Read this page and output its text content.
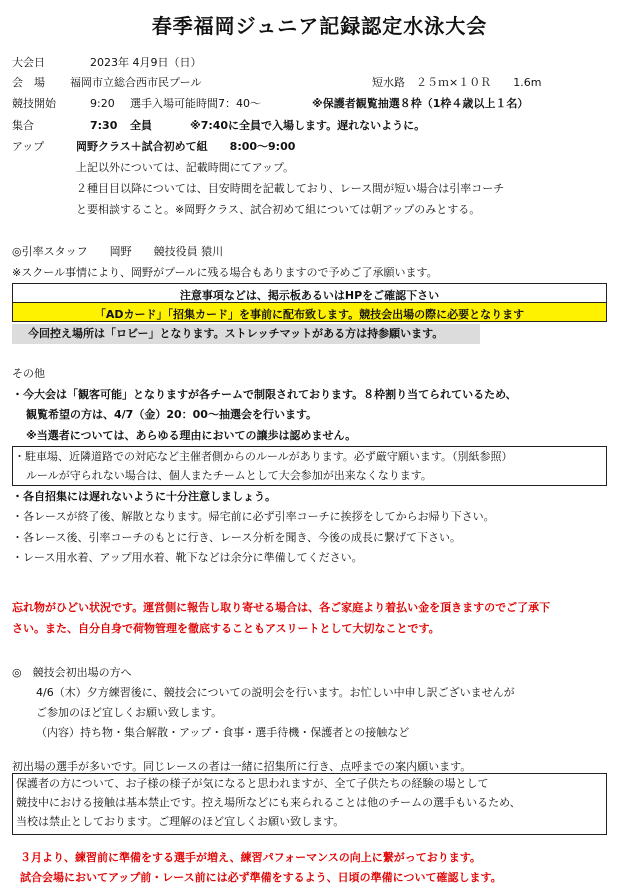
春季福岡ジュニア記録認定水泳大会
大会日	2023年 4月9日（日）
会　場 福岡市立総合西市民プール	短水路　２５ｍ×１０Ｒ　　1.6m
競技開始	9:20 選手入場可能時間7：40～	※保護者観覧抽選８枠（1枠４歳以上１名）
集合	7:30 全員	※7:40に全員で入場します。遅れないように。
アップ	岡野クラス＋試合初めて組　　8:00～9:00
上記以外については、記載時間にてアップ。
２種目目以降については、目安時間を記載しており、レース間が短い場合は引率コーチ
と要相談すること。※岡野クラス、試合初めて組については朝アップのみとする。
◎引率スタッフ　　岡野　　競技役員 猿川
※スクール事情により、岡野がプールに残る場合もありますので予めご了承願います。
注意事項などは、掲示板あるいはHPをご確認下さい
「ADカード」「招集カード」を事前に配布致します。競技会出場の際に必要となります
今回控え場所は「ロビー」となります。ストレッチマットがある方は持参願います。
その他
・今大会は「観客可能」となりますが各チームで制限されております。８枠割り当てられているため、
観覧希望の方は、4/7（金）20：00～抽選会を行います。
※当選者については、あらゆる理由においての譲歩は認めません。
・駐車場、近隣道路での対応など主催者側からのルールがあります。必ず厳守願います。（別紙参照）
ルールが守られない場合は、個人またチームとして大会参加が出来なくなります。
・各自招集には遅れないように十分注意しましょう。
・各レースが終了後、解散となります。帰宅前に必ず引率コーチに挨拶をしてからお帰り下さい。
・各レース後、引率コーチのもとに行き、レース分析を聞き、今後の成長に繋げて下さい。
・レース用水着、アップ用水着、靴下などは余分に準備してください。
忘れ物がひどい状況です。運営側に報告し取り寄せる場合は、各ご家庭より着払い金を頂きますのでご了承下
さい。また、自分自身で荷物管理を徹底することもアスリートとして大切なことです。
◎　競技会初出場の方へ
4/6（木）夕方練習後に、競技会についての説明会を行います。お忙しい中申し訳ございませんが
ご参加のほど宜しくお願い致します。
（内容）持ち物・集合解散・アップ・食事・選手待機・保護者との接触など
初出場の選手が多いです。同じレースの者は一緒に招集所に行き、点呼までの案内願います。
保護者の方について、お子様の様子が気になると思われますが、全て子供たちの経験の場として
競技中における接触は基本禁止です。控え場所などにも来られることは他のチームの選手もいるため、
当校は禁止としております。ご理解のほど宜しくお願い致します。
３月より、練習前に準備をする選手が増え、練習パフォーマンスの向上に繋がっております。
試合会場においてアップ前・レース前には必ず準備をするよう、日頃の準備について確認します。
